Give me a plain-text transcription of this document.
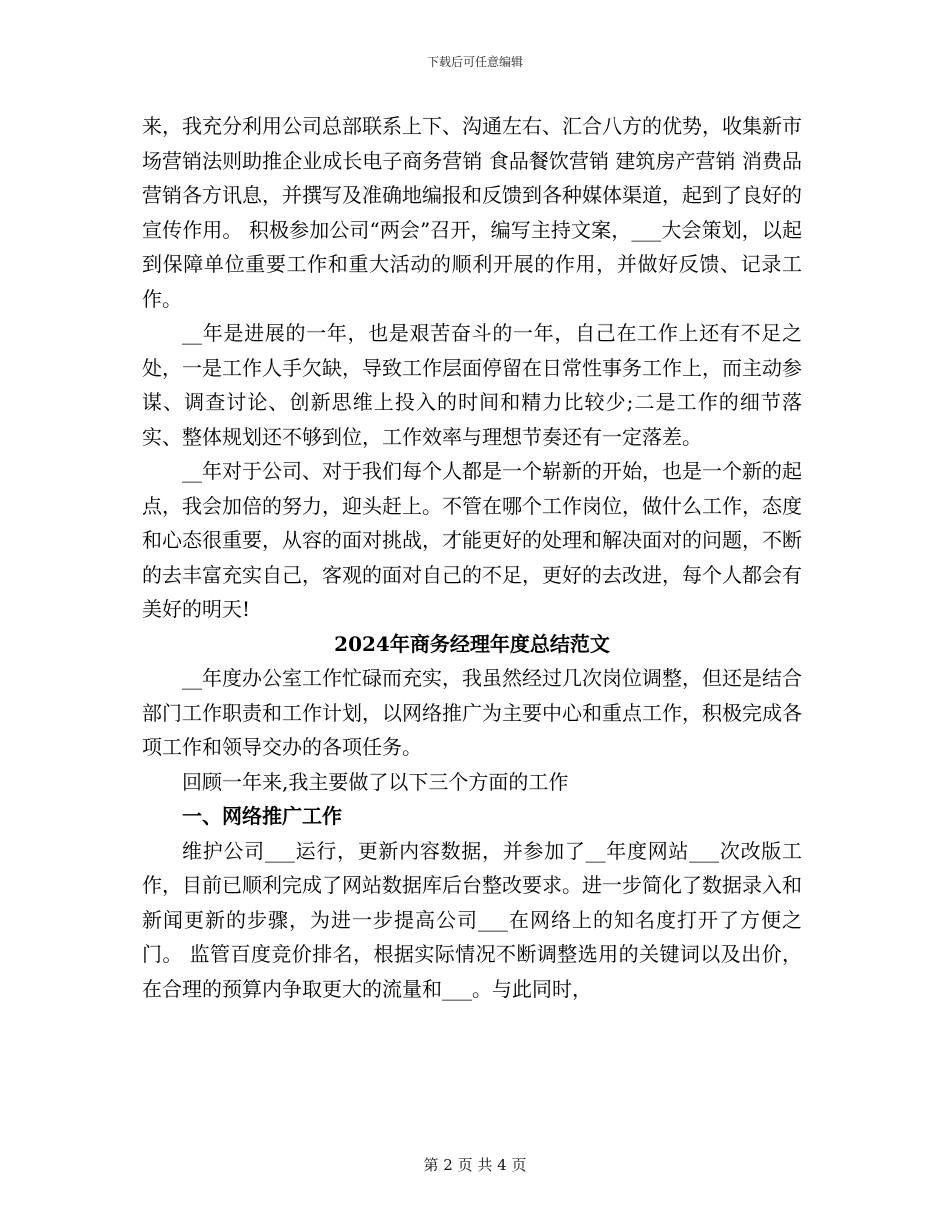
下载后可任意编辑

来，我充分利用公司总部联系上下、沟通左右、汇合八方的优势，收集新市场营销法则助推企业成长电子商务营销 食品餐饮营销 建筑房产营销 消费品营销各方讯息，并撰写及准确地编报和反馈到各种媒体渠道，起到了良好的宣传作用。 积极参加公司“两会”召开，编写主持文案，___大会策划，以起到保障单位重要工作和重大活动的顺利开展的作用，并做好反馈、记录工作。

__年是进展的一年，也是艰苦奋斗的一年，自己在工作上还有不足之处，一是工作人手欠缺，导致工作层面停留在日常性事务工作上，而主动参谋、调查讨论、创新思维上投入的时间和精力比较少;二是工作的细节落实、整体规划还不够到位，工作效率与理想节奏还有一定落差。

__年对于公司、对于我们每个人都是一个崭新的开始，也是一个新的起点，我会加倍的努力，迎头赶上。不管在哪个工作岗位，做什么工作，态度和心态很重要，从容的面对挑战，才能更好的处理和解决面对的问题，不断的去丰富充实自己，客观的面对自己的不足，更好的去改进，每个人都会有美好的明天!

2024年商务经理年度总结范文

__年度办公室工作忙碌而充实，我虽然经过几次岗位调整，但还是结合部门工作职责和工作计划，以网络推广为主要中心和重点工作，积极完成各项工作和领导交办的各项任务。

回顾一年来,我主要做了以下三个方面的工作

一、网络推广工作

维护公司___运行，更新内容数据，并参加了__年度网站___次改版工作，目前已顺利完成了网站数据库后台整改要求。进一步简化了数据录入和新闻更新的步骤，为进一步提高公司___在网络上的知名度打开了方便之门。 监管百度竞价排名，根据实际情况不断调整选用的关键词以及出价，在合理的预算内争取更大的流量和___。与此同时，

第 2 页 共 4 页
